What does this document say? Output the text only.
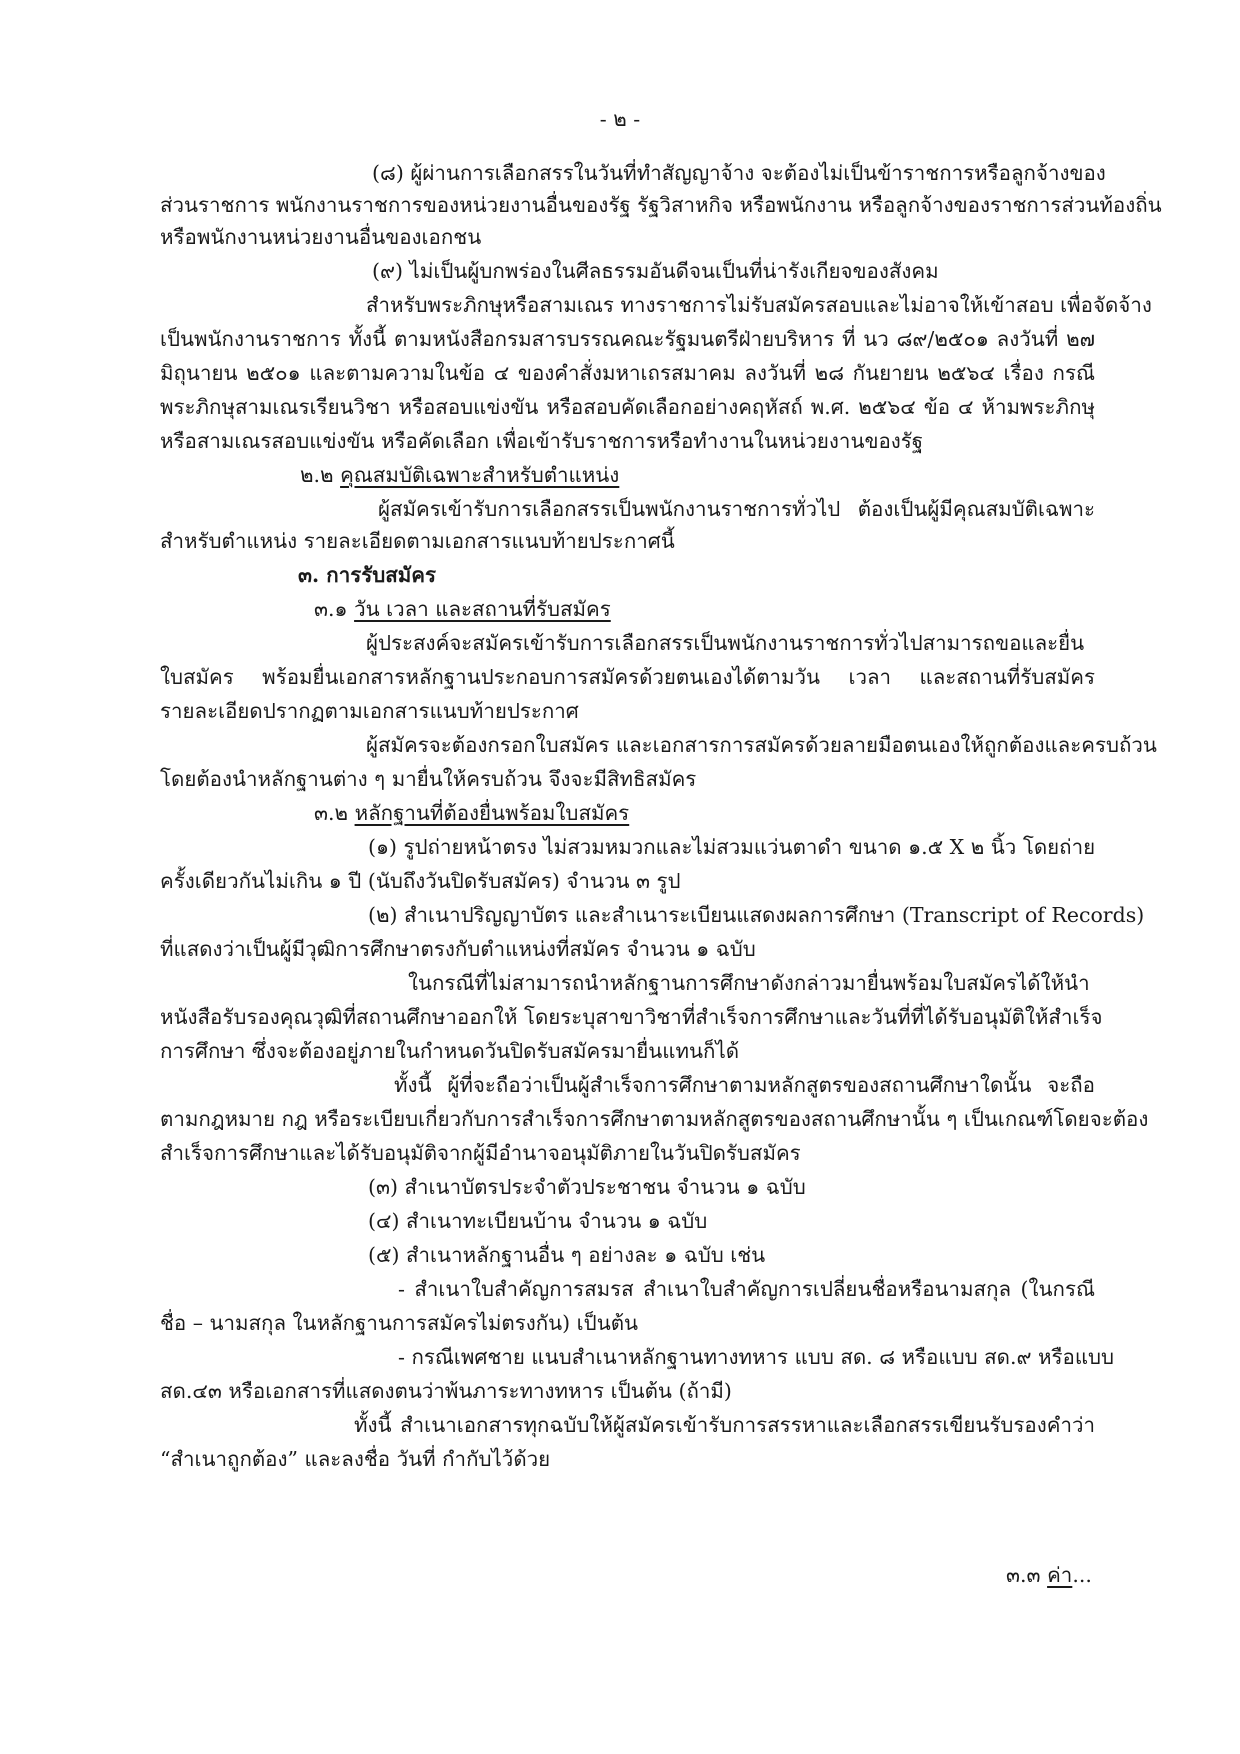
- ๒ -
(๘) ผู้ผ่านการเลือกสรรในวันที่ทำสัญญาจ้าง จะต้องไม่เป็นข้าราชการหรือลูกจ้างของ
ส่วนราชการ พนักงานราชการของหน่วยงานอื่นของรัฐ รัฐวิสาหกิจ หรือพนักงาน หรือลูกจ้างของราชการส่วนท้องถิ่น
หรือพนักงานหน่วยงานอื่นของเอกชน
(๙) ไม่เป็นผู้บกพร่องในศีลธรรมอันดีจนเป็นที่น่ารังเกียจของสังคม
สำหรับพระภิกษุหรือสามเณร ทางราชการไม่รับสมัครสอบและไม่อาจให้เข้าสอบ เพื่อจัดจ้าง
เป็นพนักงานราชการ ทั้งนี้ ตามหนังสือกรมสารบรรณคณะรัฐมนตรีฝ่ายบริหาร ที่ นว ๘๙/๒๕๐๑ ลงวันที่ ๒๗
มิถุนายน ๒๕๐๑ และตามความในข้อ ๔ ของคำสั่งมหาเถรสมาคม ลงวันที่ ๒๘ กันยายน ๒๕๖๔ เรื่อง กรณี
พระภิกษุสามเณรเรียนวิชา หรือสอบแข่งขัน หรือสอบคัดเลือกอย่างคฤหัสถ์ พ.ศ. ๒๕๖๔ ข้อ ๔ ห้ามพระภิกษุ
หรือสามเณรสอบแข่งขัน หรือคัดเลือก เพื่อเข้ารับราชการหรือทำงานในหน่วยงานของรัฐ
๒.๒ คุณสมบัติเฉพาะสำหรับตำแหน่ง
ผู้สมัครเข้ารับการเลือกสรรเป็นพนักงานราชการทั่วไป ต้องเป็นผู้มีคุณสมบัติเฉพาะ
สำหรับตำแหน่ง รายละเอียดตามเอกสารแนบท้ายประกาศนี้
๓. การรับสมัคร
๓.๑ วัน เวลา และสถานที่รับสมัคร
ผู้ประสงค์จะสมัครเข้ารับการเลือกสรรเป็นพนักงานราชการทั่วไปสามารถขอและยื่น
ใบสมัคร พร้อมยื่นเอกสารหลักฐานประกอบการสมัครด้วยตนเองได้ตามวัน เวลา และสถานที่รับสมัคร
รายละเอียดปรากฏตามเอกสารแนบท้ายประกาศ
ผู้สมัครจะต้องกรอกใบสมัคร และเอกสารการสมัครด้วยลายมือตนเองให้ถูกต้องและครบถ้วน
โดยต้องนำหลักฐานต่าง ๆ มายื่นให้ครบถ้วน จึงจะมีสิทธิสมัคร
๓.๒ หลักฐานที่ต้องยื่นพร้อมใบสมัคร
(๑) รูปถ่ายหน้าตรง ไม่สวมหมวกและไม่สวมแว่นตาดำ ขนาด ๑.๕ X ๒ นิ้ว โดยถ่าย
ครั้งเดียวกันไม่เกิน ๑ ปี (นับถึงวันปิดรับสมัคร) จำนวน ๓ รูป
(๒) สำเนาปริญญาบัตร และสำเนาระเบียนแสดงผลการศึกษา (Transcript of Records)
ที่แสดงว่าเป็นผู้มีวุฒิการศึกษาตรงกับตำแหน่งที่สมัคร จำนวน ๑ ฉบับ
ในกรณีที่ไม่สามารถนำหลักฐานการศึกษาดังกล่าวมายื่นพร้อมใบสมัครได้ให้นำ
หนังสือรับรองคุณวุฒิที่สถานศึกษาออกให้ โดยระบุสาขาวิชาที่สำเร็จการศึกษาและวันที่ที่ได้รับอนุมัติให้สำเร็จ
การศึกษา ซึ่งจะต้องอยู่ภายในกำหนดวันปิดรับสมัครมายื่นแทนก็ได้
ทั้งนี้ ผู้ที่จะถือว่าเป็นผู้สำเร็จการศึกษาตามหลักสูตรของสถานศึกษาใดนั้น จะถือ
ตามกฎหมาย กฎ หรือระเบียบเกี่ยวกับการสำเร็จการศึกษาตามหลักสูตรของสถานศึกษานั้น ๆ เป็นเกณฑ์โดยจะต้อง
สำเร็จการศึกษาและได้รับอนุมัติจากผู้มีอำนาจอนุมัติภายในวันปิดรับสมัคร
(๓) สำเนาบัตรประจำตัวประชาชน จำนวน ๑ ฉบับ
(๔) สำเนาทะเบียนบ้าน จำนวน ๑ ฉบับ
(๕) สำเนาหลักฐานอื่น ๆ อย่างละ ๑ ฉบับ เช่น
- สำเนาใบสำคัญการสมรส สำเนาใบสำคัญการเปลี่ยนชื่อหรือนามสกุล (ในกรณี
ชื่อ – นามสกุล ในหลักฐานการสมัครไม่ตรงกัน) เป็นต้น
- กรณีเพศชาย แนบสำเนาหลักฐานทางทหาร แบบ สด. ๘ หรือแบบ สด.๙ หรือแบบ
สด.๔๓ หรือเอกสารที่แสดงตนว่าพ้นภาระทางทหาร เป็นต้น (ถ้ามี)
ทั้งนี้ สำเนาเอกสารทุกฉบับให้ผู้สมัครเข้ารับการสรรหาและเลือกสรรเขียนรับรองคำว่า
“สำเนาถูกต้อง” และลงชื่อ วันที่ กำกับไว้ด้วย
๓.๓ ค่า...
